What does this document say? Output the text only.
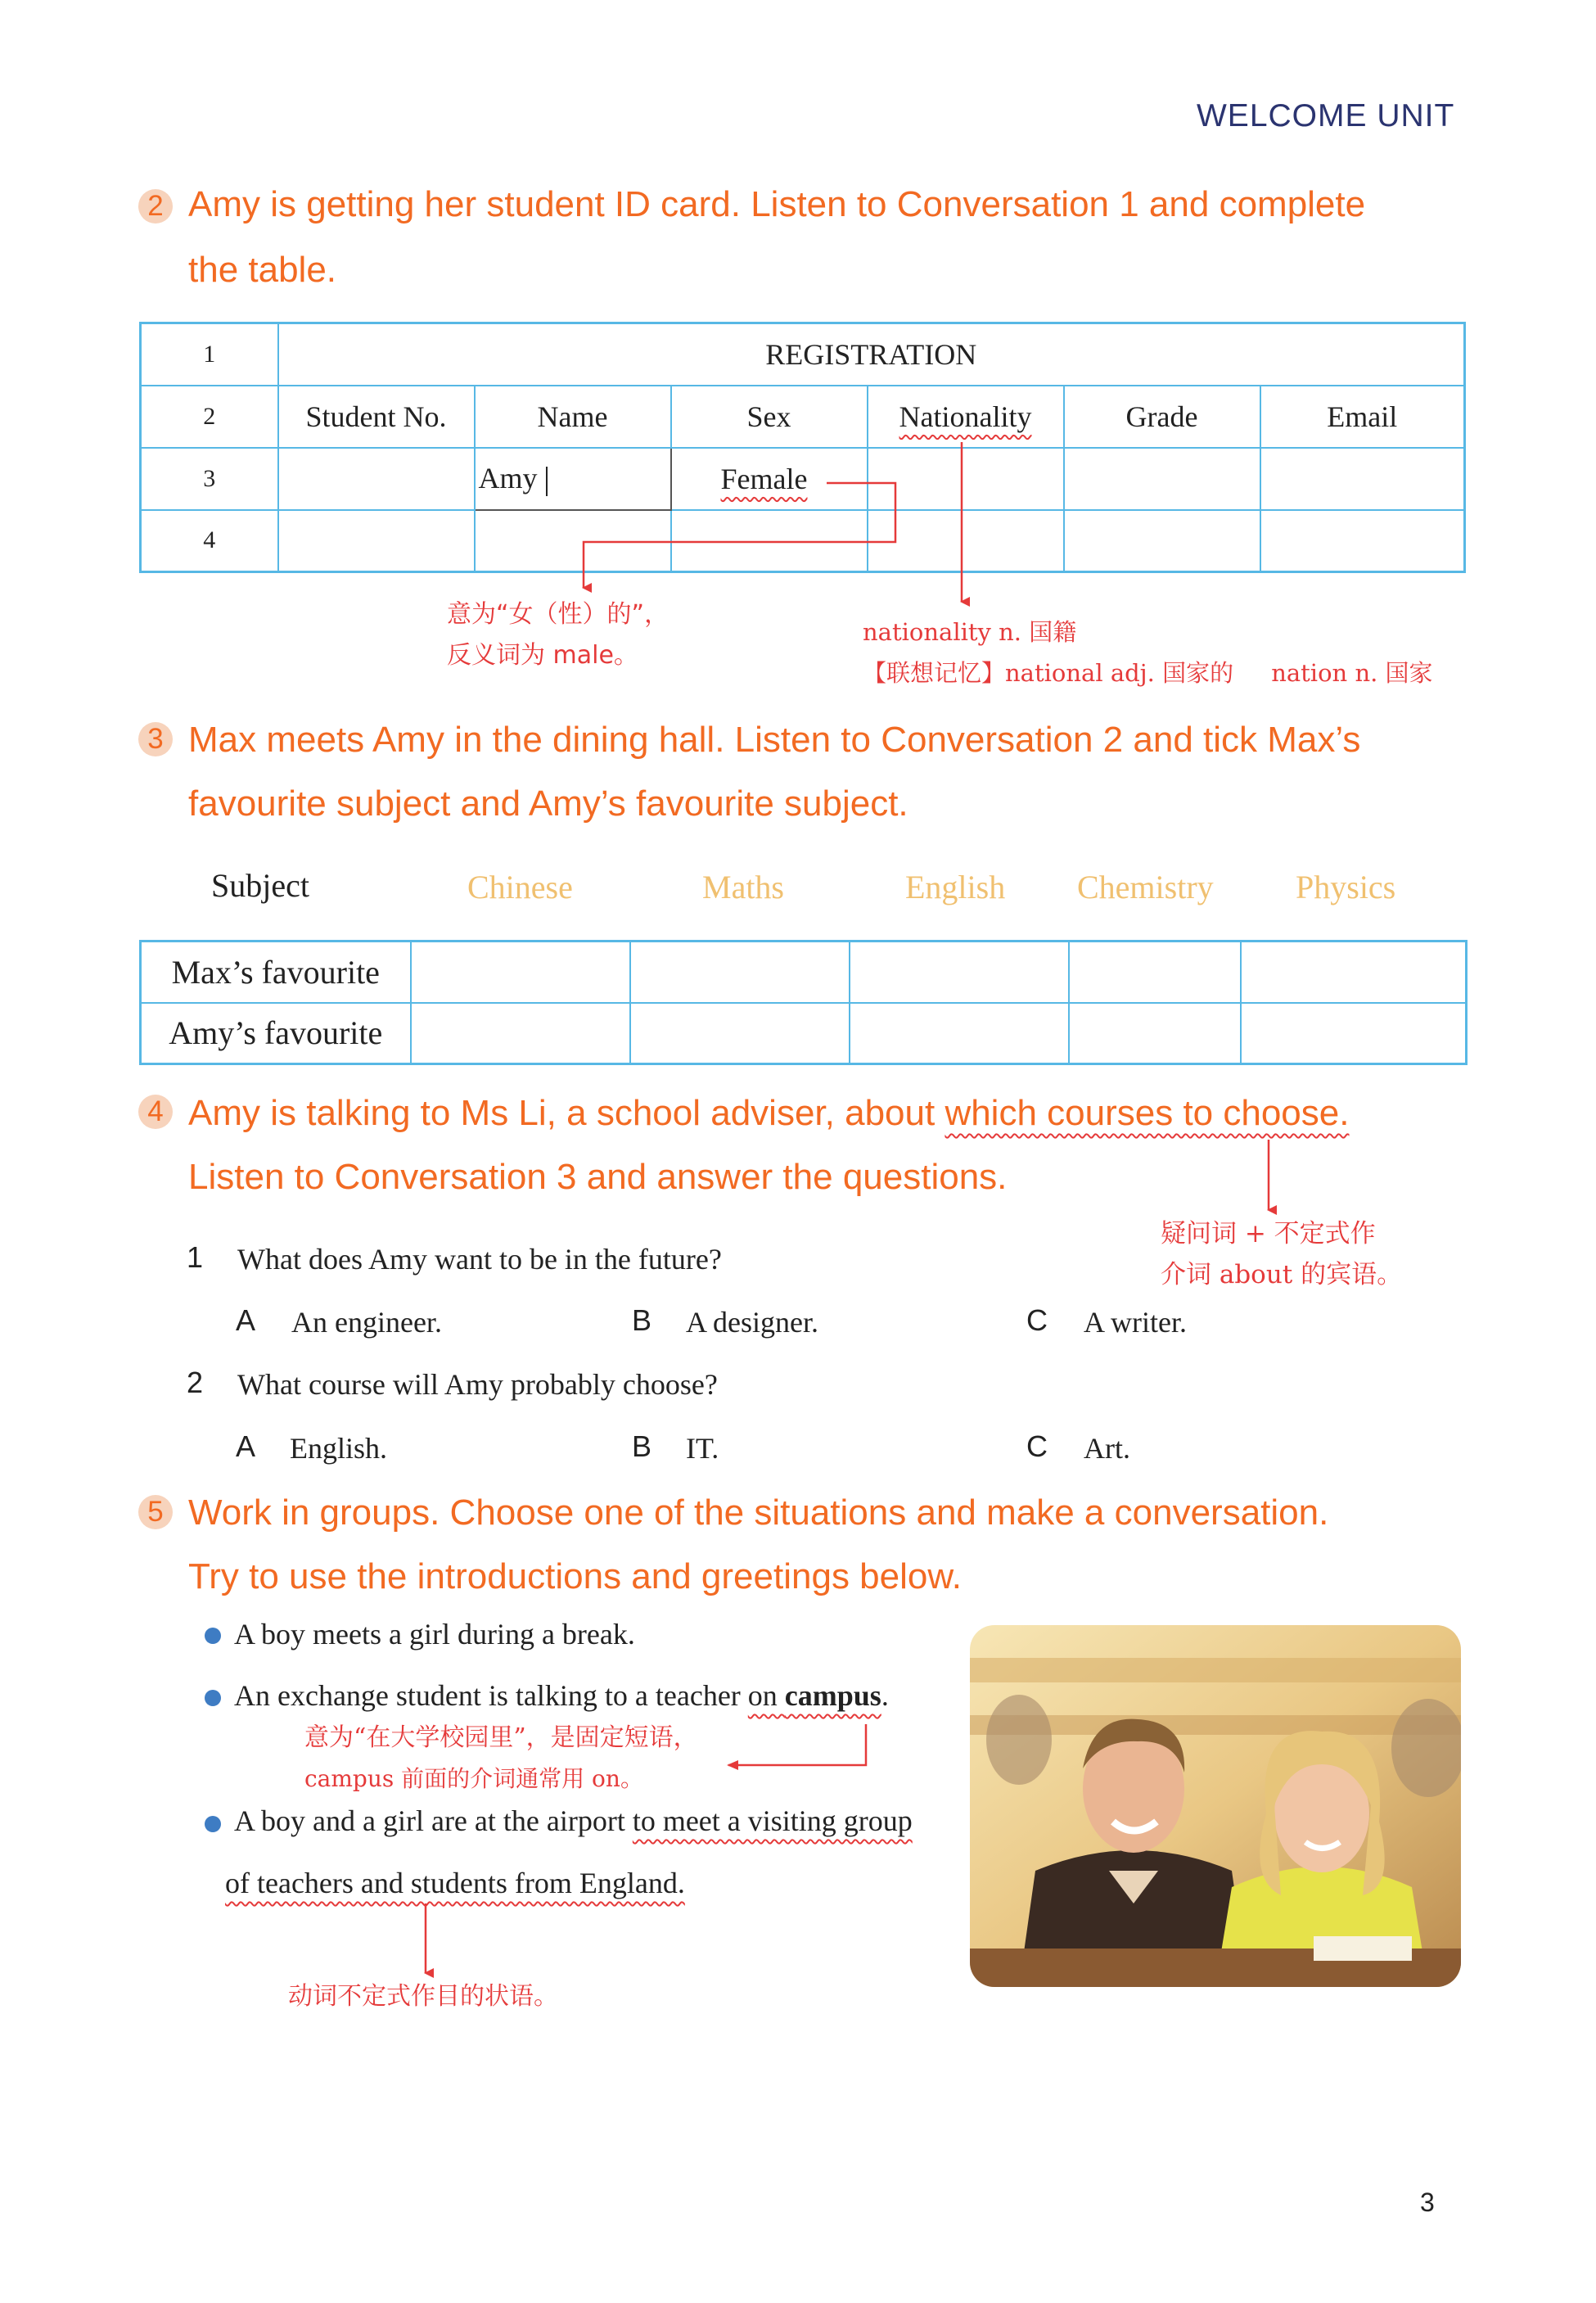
WELCOME UNIT
2 Amy is getting her student ID card. Listen to Conversation 1 and complete
the table.
1	REGISTRATION					
2	Student No.	Name	Sex	Nationality	Grade	Email
3		Amy	Female			
4						
意为“女（性）的”，
反义词为 male。
nationality n. 国籍
【联想记忆】national adj. 国家的     nation n. 国家
3 Max meets Amy in the dining hall. Listen to Conversation 2 and tick Max’s
favourite subject and Amy’s favourite subject.
Subject	Chinese	Maths	English Chemistry	Physics
Max’s favourite					
Amy’s favourite					
4 Amy is talking to Ms Li, a school adviser, about which courses to choose.
Listen to Conversation 3 and answer the questions.
疑问词 + 不定式作
介词 about 的宾语。
1 What does Amy want to be in the future?
A An engineer.	B A designer.	C A writer.
2 What course will Amy probably choose?
A English.	B IT.	C Art.
5 Work in groups. Choose one of the situations and make a conversation.
Try to use the introductions and greetings below.
A boy meets a girl during a break.
An exchange student is talking to a teacher on campus.
意为“在大学校园里”，是固定短语，
campus 前面的介词通常用 on。
A boy and a girl are at the airport to meet a visiting group
of teachers and students from England.
动词不定式作目的状语。
3
